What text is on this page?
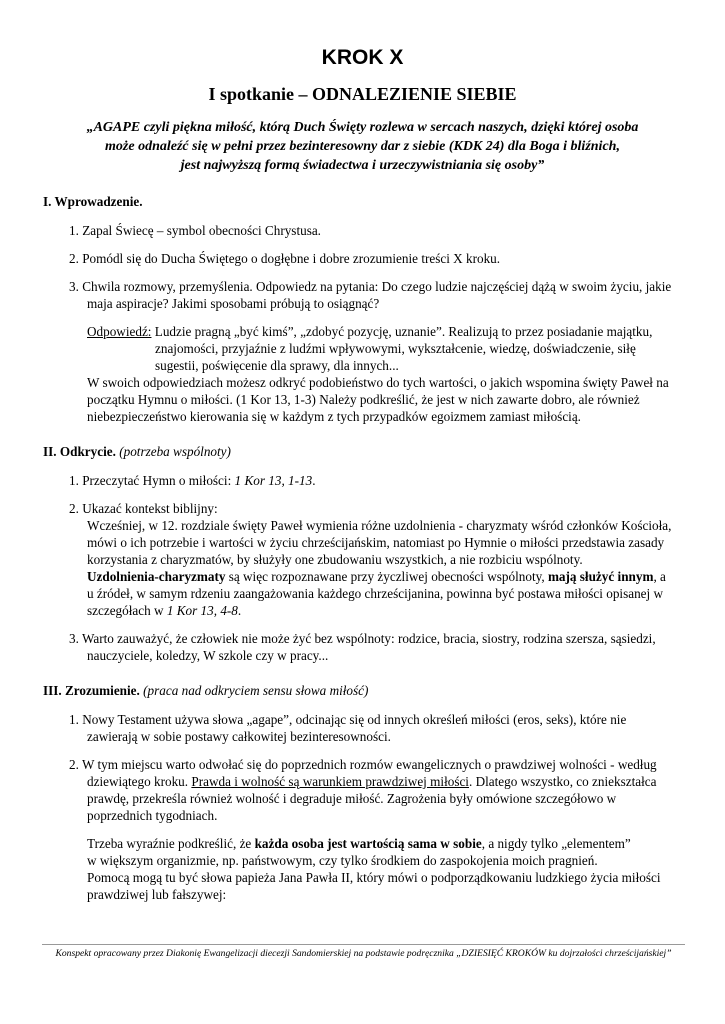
KROK X
I spotkanie – ODNALEZIENIE SIEBIE
„AGAPE czyli piękna miłość, którą Duch Święty rozlewa w sercach naszych, dzięki której osoba
może odnaleźć się w pełni przez bezinteresowny dar z siebie (KDK 24) dla Boga i bliźnich,
jest najwyższą formą świadectwa i urzeczywistniania się osoby”
I. Wprowadzenie.
1. Zapal Świecę – symbol obecności Chrystusa.
2. Pomódl się do Ducha Świętego o dogłębne i dobre zrozumienie treści X kroku.
3. Chwila rozmowy, przemyślenia. Odpowiedz na pytania: Do czego ludzie najczęściej dążą w swoim życiu, jakie
maja aspiracje? Jakimi sposobami próbują to osiągnąć?
Odpowiedź: Ludzie pragną „być kimś”, „zdobyć pozycję, uznanie”. Realizują to przez posiadanie majątku,
znajomości, przyjaźnie z ludźmi wpływowymi, wykształcenie, wiedzę, doświadczenie, siłę
sugestii, poświęcenie dla sprawy, dla innych...
W swoich odpowiedziach możesz odkryć podobieństwo do tych wartości, o jakich wspomina święty Paweł na
początku Hymnu o miłości. (1 Kor 13, 1-3) Należy podkreślić, że jest w nich zawarte dobro, ale również
niebezpieczeństwo kierowania się w każdym z tych przypadków egoizmem zamiast miłością.
II. Odkrycie. (potrzeba wspólnoty)
1. Przeczytać Hymn o miłości: 1 Kor 13, 1-13.
2. Ukazać kontekst biblijny:
Wcześniej, w 12. rozdziale święty Paweł wymienia różne uzdolnienia - charyzmaty wśród członków Kościoła,
mówi o ich potrzebie i wartości w życiu chrześcijańskim, natomiast po Hymnie o miłości przedstawia zasady
korzystania z charyzmatów, by służyły one zbudowaniu wszystkich, a nie rozbiciu wspólnoty.
Uzdolnienia-charyzmaty są więc rozpoznawane przy życzliwej obecności wspólnoty, mają służyć innym, a
u źródeł, w samym rdzeniu zaangażowania każdego chrześcijanina, powinna być postawa miłości opisanej w
szczegółach w 1 Kor 13, 4-8.
3. Warto zauważyć, że człowiek nie może żyć bez wspólnoty: rodzice, bracia, siostry, rodzina szersza, sąsiedzi,
nauczyciele, koledzy, W szkole czy w pracy...
III. Zrozumienie. (praca nad odkryciem sensu słowa miłość)
1. Nowy Testament używa słowa „agape”, odcinając się od innych określeń miłości (eros, seks), które nie
zawierają w sobie postawy całkowitej bezinteresowności.
2. W tym miejscu warto odwołać się do poprzednich rozmów ewangelicznych o prawdziwej wolności - według
dziewiątego kroku. Prawda i wolność są warunkiem prawdziwej miłości. Dlatego wszystko, co zniekształca
prawdę, przekreśla również wolność i degraduje miłość. Zagrożenia były omówione szczegółowo w
poprzednich tygodniach.
Trzeba wyraźnie podkreślić, że każda osoba jest wartością sama w sobie, a nigdy tylko „elementem”
w większym organizmie, np. państwowym, czy tylko środkiem do zaspokojenia moich pragnień.
Pomocą mogą tu być słowa papieża Jana Pawła II, który mówi o podporządkowaniu ludzkiego życia miłości
prawdziwej lub fałszywej:
Konspekt opracowany przez Diakonię Ewangelizacji diecezji Sandomierskiej na podstawie podręcznika „DZIESIĘĆ KROKÓW ku dojrzałości chrześcijańskiej”
